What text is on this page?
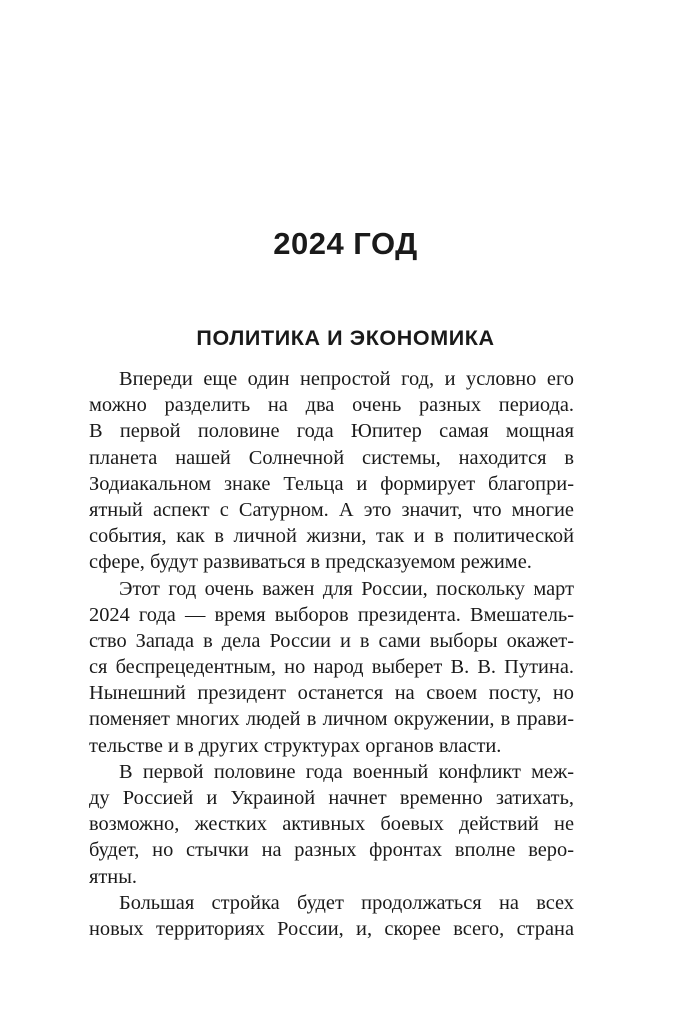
2024 ГОД
ПОЛИТИКА И ЭКОНОМИКА
Впереди еще один непростой год, и условно его
можно разделить на два очень разных периода.
В первой половине года Юпитер самая мощная
планета нашей Солнечной системы, находится в
Зодиакальном знаке Тельца и формирует благопри-
ятный аспект с Сатурном. А это значит, что многие
события, как в личной жизни, так и в политической
сфере, будут развиваться в предсказуемом режиме.
Этот год очень важен для России, поскольку март
2024 года — время выборов президента. Вмешатель-
ство Запада в дела России и в сами выборы окажет-
ся беспрецедентным, но народ выберет В. В. Путина.
Нынешний президент останется на своем посту, но
поменяет многих людей в личном окружении, в прави-
тельстве и в других структурах органов власти.
В первой половине года военный конфликт меж-
ду Россией и Украиной начнет временно затихать,
возможно, жестких активных боевых действий не
будет, но стычки на разных фронтах вполне веро-
ятны.
Большая стройка будет продолжаться на всех
новых территориях России, и, скорее всего, страна
